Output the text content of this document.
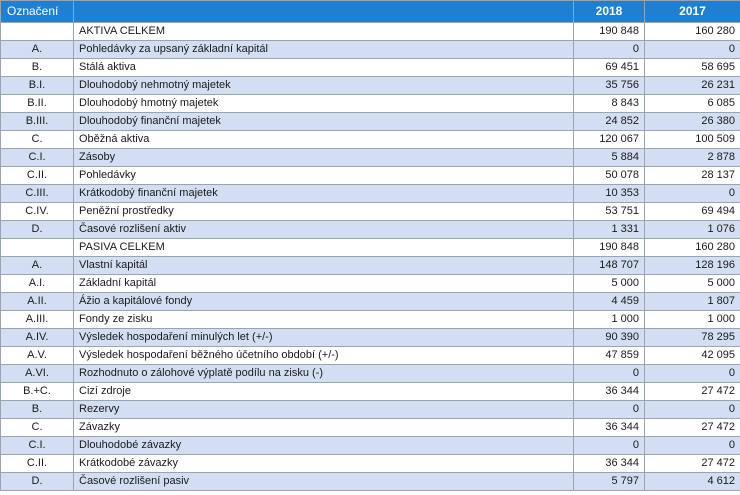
Označení		2018	2017
	AKTIVA CELKEM	190 848	160 280
A.	Pohledávky za upsaný základní kapitál	0	0
B.	Stálá aktiva	69 451	58 695
B.I.	Dlouhodobý nehmotný majetek	35 756	26 231
B.II.	Dlouhodobý hmotný majetek	8 843	6 085
B.III.	Dlouhodobý finanční majetek	24 852	26 380
C.	Oběžná aktiva	120 067	100 509
C.I.	Zásoby	5 884	2 878
C.II.	Pohledávky	50 078	28 137
C.III.	Krátkodobý finanční majetek	10 353	0
C.IV.	Peněžní prostředky	53 751	69 494
D.	Časové rozlišení aktiv	1 331	1 076
	PASIVA CELKEM	190 848	160 280
A.	Vlastní kapitál	148 707	128 196
A.I.	Základní kapitál	5 000	5 000
A.II.	Ážio a kapitálové fondy	4 459	1 807
A.III.	Fondy ze zisku	1 000	1 000
A.IV.	Výsledek hospodaření minulých let (+/-)	90 390	78 295
A.V.	Výsledek hospodaření běžného účetního období (+/-)	47 859	42 095
A.VI.	Rozhodnuto o zálohové výplatě podílu na zisku (-)	0	0
B.+C.	Cizí zdroje	36 344	27 472
B.	Rezervy	0	0
C.	Závazky	36 344	27 472
C.I.	Dlouhodobé závazky	0	0
C.II.	Krátkodobé závazky	36 344	27 472
D.	Časové rozlišení pasiv	5 797	4 612
